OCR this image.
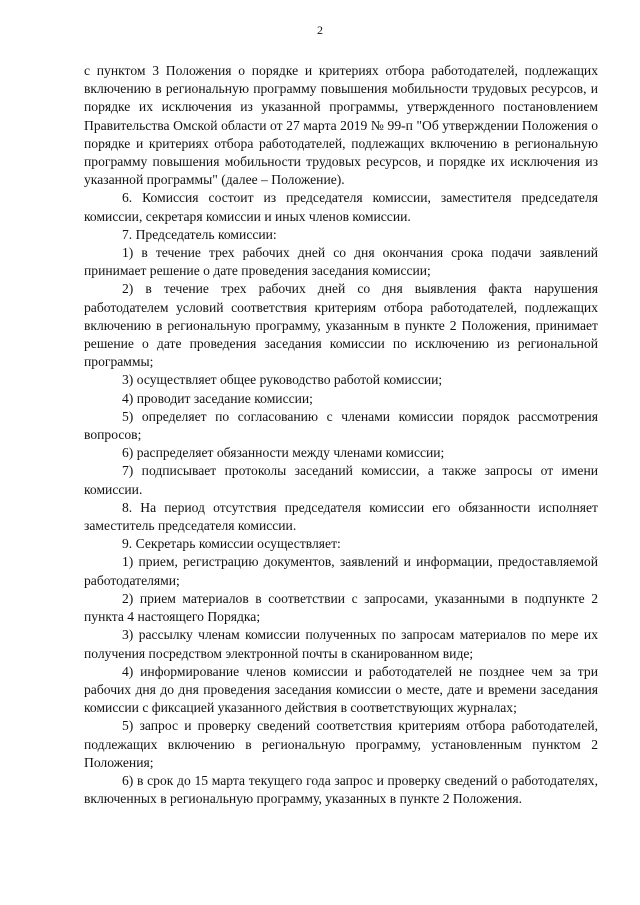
2

с пунктом 3 Положения о порядке и критериях отбора работодателей, подлежащих включению в региональную программу повышения мобильности трудовых ресурсов, и порядке их исключения из указанной программы, утвержденного постановлением Правительства Омской области от 27 марта 2019 № 99-п "Об утверждении Положения о порядке и критериях отбора работодателей, подлежащих включению в региональную программу повышения мобильности трудовых ресурсов, и порядке их исключения из указанной программы" (далее – Положение).

6. Комиссия состоит из председателя комиссии, заместителя председателя комиссии, секретаря комиссии и иных членов комиссии.

7. Председатель комиссии:

1) в течение трех рабочих дней со дня окончания срока подачи заявлений принимает решение о дате проведения заседания комиссии;

2) в течение трех рабочих дней со дня выявления факта нарушения работодателем условий соответствия критериям отбора работодателей, подлежащих включению в региональную программу, указанным в пункте 2 Положения, принимает решение о дате проведения заседания комиссии по исключению из региональной программы;

3) осуществляет общее руководство работой комиссии;

4) проводит заседание комиссии;

5) определяет по согласованию с членами комиссии порядок рассмотрения вопросов;

6) распределяет обязанности между членами комиссии;

7) подписывает протоколы заседаний комиссии, а также запросы от имени комиссии.

8. На период отсутствия председателя комиссии его обязанности исполняет заместитель председателя комиссии.

9. Секретарь комиссии осуществляет:

1) прием, регистрацию документов, заявлений и информации, предоставляемой работодателями;

2) прием материалов в соответствии с запросами, указанными в подпункте 2 пункта 4 настоящего Порядка;

3) рассылку членам комиссии полученных по запросам материалов по мере их получения посредством электронной почты в сканированном виде;

4) информирование членов комиссии и работодателей не позднее чем за три рабочих дня до дня проведения заседания комиссии о месте, дате и времени заседания комиссии с фиксацией указанного действия в соответствующих журналах;

5) запрос и проверку сведений соответствия критериям отбора работодателей, подлежащих включению в региональную программу, установленным пунктом 2 Положения;

6) в срок до 15 марта текущего года запрос и проверку сведений о работодателях, включенных в региональную программу, указанных в пункте 2 Положения.
